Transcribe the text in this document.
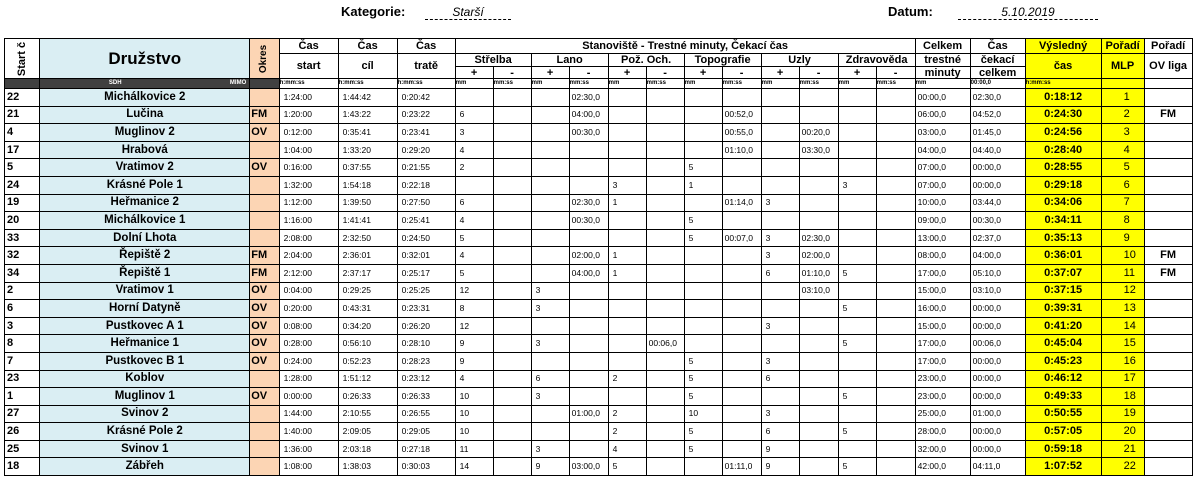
Kategorie:	Starší	Datum:	5.10.2019
Start č	Družstvo	Okres	Čas	Čas	Čas	Stanoviště - Trestné minuty, Čekací čas												Celkem	Čas	Výsledný	Pořadí	Pořadí
			start	cíl	tratě	Střelba		Lano		Pož. Och.		Topografie		Uzly		Zdravověda		trestné	čekací	čas	MLP	OV liga
						+	-	+	-	+	-	+	-	+	-	+	-	minuty	celkem			
	SDH MIMO		h:mm:ss	h:mm:ss	h:mm:ss	mm	mm:ss	mm	mm:ss	mm	mm:ss	mm	mm:ss	mm	mm:ss	mm	mm:ss	mm	00:00,0	h:mm:ss		
22	Michálkovice 2		1:24:00	1:44:42	0:20:42				02:30,0									00:00,0	02:30,0	0:18:12	1	
21	Lučina	FM	1:20:00	1:43:22	0:23:22	6			04:00,0				00:52,0					06:00,0	04:52,0	0:24:30	2	FM
4	Muglinov 2	OV	0:12:00	0:35:41	0:23:41	3			00:30,0				00:55,0		00:20,0			03:00,0	01:45,0	0:24:56	3	
17	Hrabová		1:04:00	1:33:20	0:29:20	4							01:10,0		03:30,0			04:00,0	04:40,0	0:28:40	4	
5	Vratimov 2	OV	0:16:00	0:37:55	0:21:55	2						5						07:00,0	00:00,0	0:28:55	5	
24	Krásné Pole 1		1:32:00	1:54:18	0:22:18					3		1				3		07:00,0	00:00,0	0:29:18	6	
19	Heřmanice 2		1:12:00	1:39:50	0:27:50	6			02:30,0	1			01:14,0	3				10:00,0	03:44,0	0:34:06	7	
20	Michálkovice 1		1:16:00	1:41:41	0:25:41	4			00:30,0			5						09:00,0	00:30,0	0:34:11	8	
33	Dolní Lhota		2:08:00	2:32:50	0:24:50	5						5	00:07,0	3	02:30,0			13:00,0	02:37,0	0:35:13	9	
32	Řepiště 2	FM	2:04:00	2:36:01	0:32:01	4			02:00,0	1				3	02:00,0			08:00,0	04:00,0	0:36:01	10	FM
34	Řepiště 1	FM	2:12:00	2:37:17	0:25:17	5			04:00,0	1				6	01:10,0	5		17:00,0	05:10,0	0:37:07	11	FM
2	Vratimov 1	OV	0:04:00	0:29:25	0:25:25	12		3							03:10,0			15:00,0	03:10,0	0:37:15	12	
6	Horní Datyně	OV	0:20:00	0:43:31	0:23:31	8		3								5		16:00,0	00:00,0	0:39:31	13	
3	Pustkovec A 1	OV	0:08:00	0:34:20	0:26:20	12								3				15:00,0	00:00,0	0:41:20	14	
8	Heřmanice 1	OV	0:28:00	0:56:10	0:28:10	9		3			00:06,0					5		17:00,0	00:06,0	0:45:04	15	
7	Pustkovec B 1	OV	0:24:00	0:52:23	0:28:23	9						5		3				17:00,0	00:00,0	0:45:23	16	
23	Koblov		1:28:00	1:51:12	0:23:12	4		6		2		5		6				23:00,0	00:00,0	0:46:12	17	
1	Muglinov 1	OV	0:00:00	0:26:33	0:26:33	10		3				5				5		23:00,0	00:00,0	0:49:33	18	
27	Svinov 2		1:44:00	2:10:55	0:26:55	10			01:00,0	2		10		3				25:00,0	01:00,0	0:50:55	19	
26	Krásné Pole 2		1:40:00	2:09:05	0:29:05	10				2		5		6		5		28:00,0	00:00,0	0:57:05	20	
25	Svinov 1		1:36:00	2:03:18	0:27:18	11		3		4		5		9				32:00,0	00:00,0	0:59:18	21	
18	Zábřeh		1:08:00	1:38:03	0:30:03	14		9	03:00,0	5			01:11,0	9		5		42:00,0	04:11,0	1:07:52	22	
